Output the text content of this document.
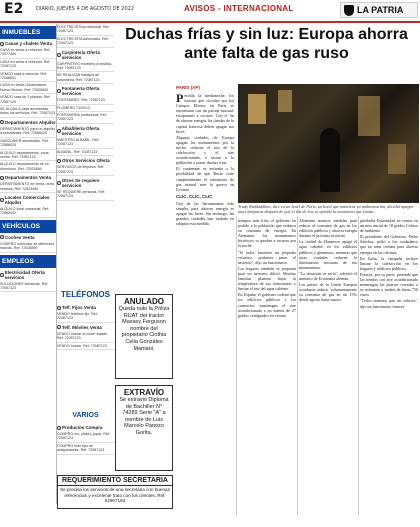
E2	DIARIO, JUEVES 4 DE AGOSTO DE 2022	AVISOS - INTERNACIONAL	LA PATRIA
INMUEBLES
Casas y chalets Venta
CASA en venta a reformar. Ref: 72077484
CASA en venta a reformar. Ref. 72087123
VENDO casa a estrenar. Ref: 72068001
CASA en venta Urbanización Nuevo Mundo. Ref: 72530840
VENDO casa de 3 plantas. Ref: 72087125
SE ALQUILA casa amueblada, todos los servicios. Ref: 72087123
Departamentos Alquiler
DEPARTAMENTO para un alquiler a estudiantes. Ref: 72566025
GARZONIER amueblado. Ref: 72566025
ALQUILO departamento, zona centro. Ref: 72987123
ALQUILO departamento de un dormitorio. Ref: 72523456
Departamentos Venta
DEPARTAMENTO en venta, zona céntrica. Ref: 72523456
Locales Comerciales Alquiler
ALQUILO local comercial. Ref: 72565432
VEHÍCULOS
Coches Venta
COMPRO vehículos de diferentes marcas. Ref: 72526890
EMPLEOS
Electricidad Oferta servicios
SOLUCIONES eléctricas. Ref: 72987123
ELECTRICISTA profesional. Ref: 72087123
ELECTRICISTA autorizado. Ref: 72497123
Carpintería Oferta servicios
CARPINTERO muebles a medida. Ref: 72087123
SE REALIZAN trabajos de carpintería. Ref: 72087123
Fontanería Oferta servicios
FONTANERO. Ref: 72087123
PLOMERO 74/20/12
FONTANERÍA profesional. Ref: 72087123
Albañilería Oferta servicios
MAESTRO ALBAÑIL. Ref: 72087123
ALBAÑIL. Ref: 72087123
Otros Servicios Oferta
SERVICIOS de limpieza. Ref: 72087123
Otros Se requiere servicios
SE REQUIERE personal. Ref: 72087123
TELÉFONOS
Telf. Fijos Venta
VENDO teléfono fijo. Ref: 72067123
Telf. Móviles Venta
VENDO celular en buen estado. Ref: 72087123
VENDO celular. Ref: 72087123
VARIOS
Productos Compra
COMPRO oro, plata y joyas. Ref: 72087123
COMPRO todo tipo de antigüedades. Ref: 72087123
ANULADO
Queda nulo la Póliza RUAT del tractor Massey Ferguson nombre del propietario Cinthia Celia Gonzáles Mamani.
EXTRAVÍO
Se extravió Diploma de Bachiller N° 74289 Serie "A" a nombre de Luis Marcelo Panozo Gorita.
REQUERIMIENTO SECRETARIA
Se precisa los servicios de una secretaria con buenas referencias y excelente trato con los clientes. Ref. 62967163
Duchas frías y sin luz: Europa ahorra ante falta de gas ruso
PARÍS (AP)
Trudy Ramkaklhoo, dice en un hotel de París, un hotel que mantiene su ambientación, decidió apagar unas lámparas después de que el día de hoy se aprobó la normativa que limita...

Perdida la medianoche, los turistas que circulan por los Campos Elíseos en París se encuentran con un paisaje inusual: escaparates a oscuras. Con el fin de ahorrar energía, las tiendas de la capital francesa deben apagar sus luces.

Algunas ciudades de Europa apagan los monumentos por la noche, reducen el uso de la calefacción y el aire acondicionado, e instan a la población a tomar duchas frías.

El continente se enfrenta a la posibilidad de que Rusia corte completamente el suministro de gas natural ante la guerra en Ucrania.

CLIC, CLIC, CLIC

Una de las herramientas más simples para ahorrar energía es apagar las luces. Sin embargo, las grandes ciudades han tardado en adoptar esta medida.

tiempos más fríos, el gobierno ha pedido a la población que reduzca su consumo de energía. En Alemania, los monumentos históricos se quedan a oscuras por la noche.

"Si todos hacemos un pequeño esfuerzo, podemos pasar el invierno", dijo un funcionario.

Los hogares también se preparan para un invierno difícil. Muchas familias planean bajar la temperatura de sus termostatos y limitar el uso del agua caliente.

En España, el gobierno ordenó que los edificios públicos y los comercios mantengan el aire acondicionado a no menos de 27 grados centígrados en verano.

Alemania anunció medidas para reducir el consumo de gas en los edificios públicos y ahorrar energía durante el próximo invierno.

La ciudad de Hannover apagó el agua caliente en los edificios públicos y gimnasios, mientras que otras ciudades reducen la iluminación nocturna de sus monumentos.

"La situación es seria", advirtió el ministro de Economía alemán.

Los países de la Unión Europea acordaron reducir voluntariamente su consumo de gas en un 15% desde agosto hasta marzo.

güedades Pokemidad en ventas en un mes inicial de 18 grados Celsius de ambiente.

El presidente del Gobierno, Pedro Sánchez, pidió a los ciudadanos que no usen corbata para ahorrar energía en las oficinas.

En Italia, la campaña incluye limitar la calefacción en los hogares y edificios públicos.

Francia, por su parte, pretende que las tiendas con aire acondicionado mantengan las puertas cerradas o se enfrenten a multas de hasta 750 euros.

"Todos tenemos que ser sobrios", dijo un funcionario francés.
